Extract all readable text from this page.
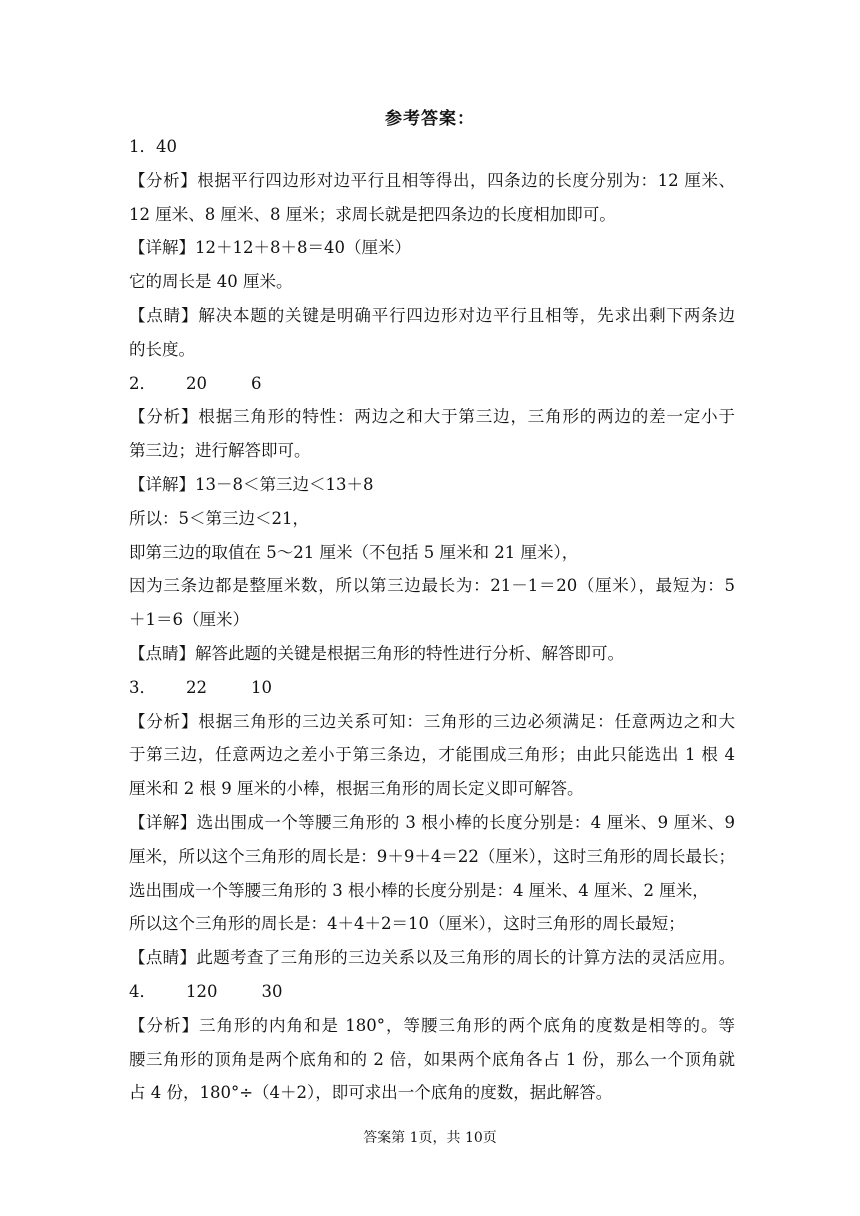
参考答案：
1．40
【分析】根据平行四边形对边平行且相等得出，四条边的长度分别为：12 厘米、
12 厘米、8 厘米、8 厘米；求周长就是把四条边的长度相加即可。
【详解】12＋12＋8＋8＝40（厘米）
它的周长是 40 厘米。
【点睛】解决本题的关键是明确平行四边形对边平行且相等，先求出剩下两条边
的长度。
2． 20	6
【分析】根据三角形的特性：两边之和大于第三边，三角形的两边的差一定小于
第三边；进行解答即可。
【详解】13－8＜第三边＜13＋8
所以：5＜第三边＜21，
即第三边的取值在 5～21 厘米（不包括 5 厘米和 21 厘米），
因为三条边都是整厘米数，所以第三边最长为：21－1＝20（厘米），最短为：5
＋1＝6（厘米）
【点睛】解答此题的关键是根据三角形的特性进行分析、解答即可。
3． 22	10
【分析】根据三角形的三边关系可知：三角形的三边必须满足：任意两边之和大
于第三边，任意两边之差小于第三条边，才能围成三角形；由此只能选出 1 根 4
厘米和 2 根 9 厘米的小棒，根据三角形的周长定义即可解答。
【详解】选出围成一个等腰三角形的 3 根小棒的长度分别是：4 厘米、9 厘米、9
厘米，所以这个三角形的周长是：9＋9＋4＝22（厘米），这时三角形的周长最长；
选出围成一个等腰三角形的 3 根小棒的长度分别是：4 厘米、4 厘米、2 厘米，
所以这个三角形的周长是：4＋4＋2＝10（厘米），这时三角形的周长最短；
【点睛】此题考查了三角形的三边关系以及三角形的周长的计算方法的灵活应用。
4． 120	30
【分析】三角形的内角和是 180°，等腰三角形的两个底角的度数是相等的。等
腰三角形的顶角是两个底角和的 2 倍，如果两个底角各占 1 份，那么一个顶角就
占 4 份，180°÷（4＋2），即可求出一个底角的度数，据此解答。
答案第 1页，共 10页
